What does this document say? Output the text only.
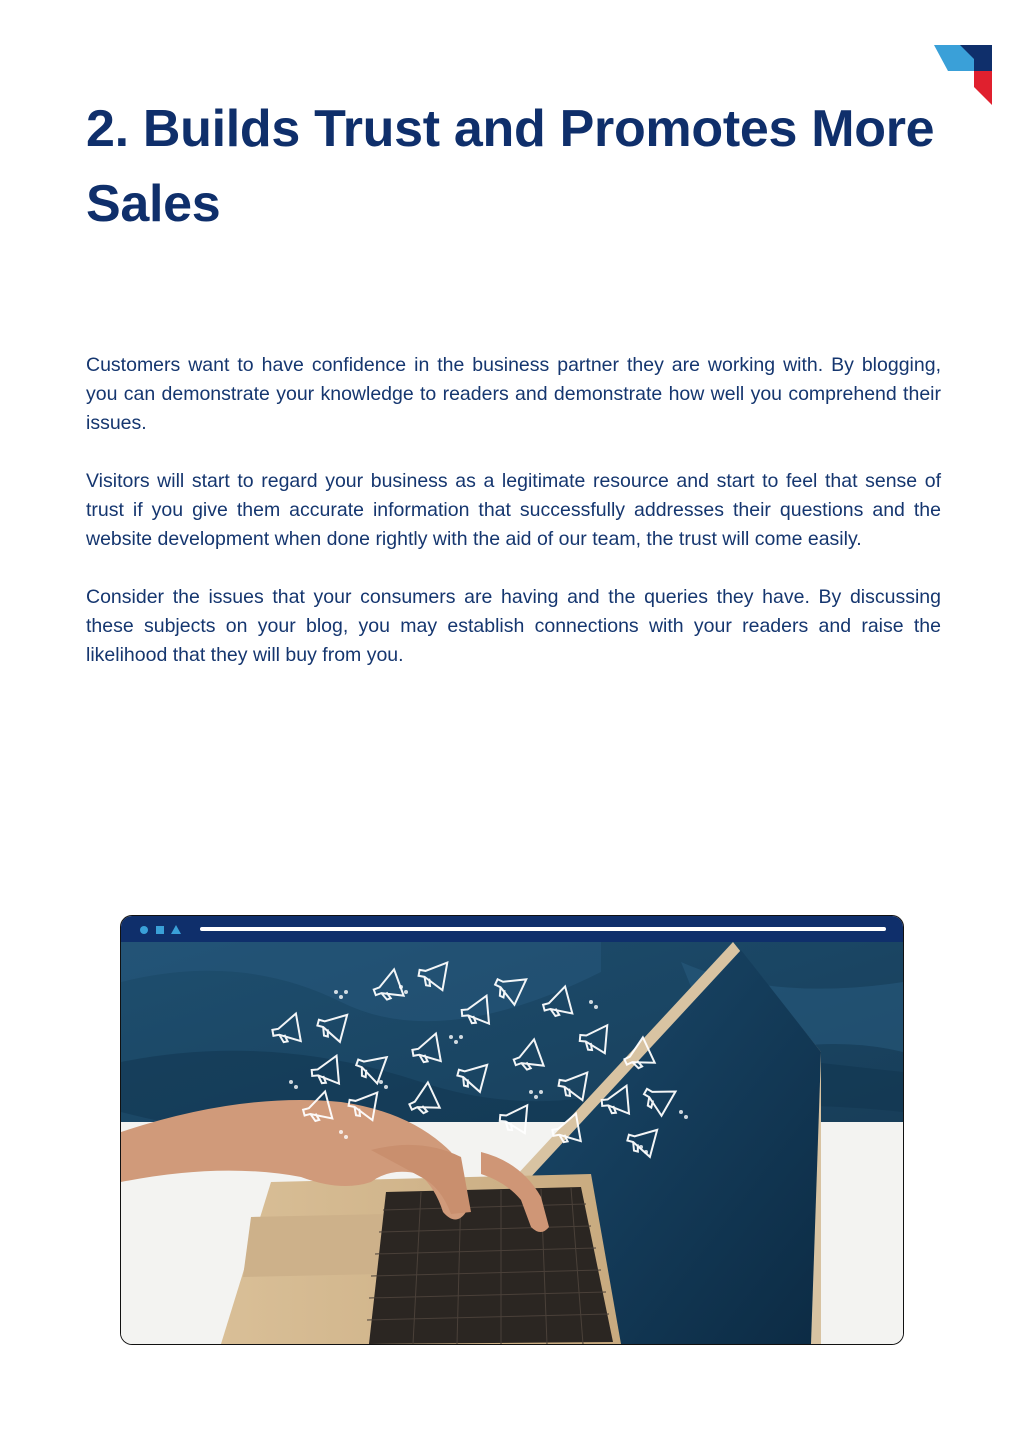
2. Builds Trust and Promotes More Sales

Customers want to have confidence in the business partner they are working with. By blogging, you can demonstrate your knowledge to readers and demonstrate how well you comprehend their issues.

Visitors will start to regard your business as a legitimate resource and start to feel that sense of trust if you give them accurate information that successfully addresses their questions and the website development when done rightly with the aid of our team, the trust will come easily.

Consider the issues that your consumers are having and the queries they have. By discussing these subjects on your blog, you may establish connections with your readers and raise the likelihood that they will buy from you.
